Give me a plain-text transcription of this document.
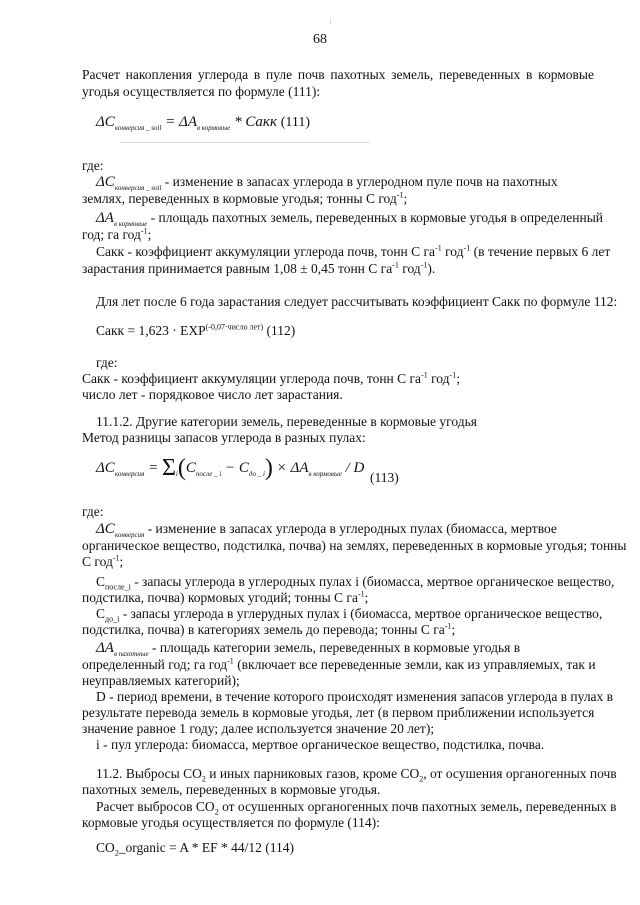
68
Расчет накопления углерода в пуле почв пахотных земель, переведенных в кормовые
угодья осуществляется по формуле (111):
$\Delta C_{конверсия \_ soil} = \Delta A_{в кормовые}$ * Сакк (111)
где:
$\Delta C_{конверсия \_ soil}$ - изменение в запасах углерода в углеродном пуле почв на пахотных
землях, переведенных в кормовые угодья; тонны С год$^{-1}$;
$\Delta A_{в кормовые}$ - площадь пахотных земель, переведенных в кормовые угодья в определенный
год; га год$^{-1}$;
Сакк - коэффициент аккумуляции углерода почв, тонн С $га^{-1}$ год$^{-1}$ (в течение первых 6 лет
зарастания принимается равным 1,08 ± 0,45 тонн С $га^{-1}$ год$^{-1}$).
Для лет после 6 года зарастания следует рассчитывать коэффициент Сакк по формуле 112:
Сакк = $1,623 \cdot EXP^{(-0,07\cdot число лет)}$ (112)
где:
Сакк - коэффициент аккумуляции углерода почв, тонн С $га^{-1}$ год$^{-1}$;
число лет - порядковое число лет зарастания.
11.1.2. Другие категории земель, переведенные в кормовые угодья
Метод разницы запасов углерода в разных пулах:
$\Delta C_{конверсия} = \Sigma_i(C_{после \_ i} - C_{до \_ i}) \times \Delta A_{в кормовые} / D$
(113)
где:
$\Delta C_{конверсия}$ - изменение в запасах углерода в углеродных пулах (биомасса, мертвое
органическое вещество, подстилка, почва) на землях, переведенных в кормовые угодья; тонны
С год$^{-1}$;
$C_{после\_i}$ - запасы углерода в углеродных пулах i (биомасса, мертвое органическое вещество,
подстилка, почва) кормовых угодий; тонны С $га^{-1}$;
$C_{до\_i}$ - запасы углерода в углерудных пулах i (биомасса, мертвое органическое вещество,
подстилка, почва) в категориях земель до перевода; тонны С $га^{-1}$;
$\Delta A_{в пахотные}$ - площадь категории земель, переведенных в кормовые угодья в
определенный год; га год$^{-1}$ (включает все переведенные земли, как из управляемых, так и
неуправляемых категорий);
D - период времени, в течение которого происходят изменения запасов углерода в пулах в
результате перевода земель в кормовые угодья, лет (в первом приближении используется
значение равное 1 году; далее используется значение 20 лет);
i - пул углерода: биомасса, мертвое органическое вещество, подстилка, почва.
11.2. Выбросы $CO_2$ и иных парниковых газов, кроме $CO_2$, от осушения органогенных почв
пахотных земель, переведенных в кормовые угодья.
Расчет выбросов $CO_2$ от осушенных органогенных почв пахотных земель, переведенных в
кормовые угодья осуществляется по формуле (114):
$CO_2\_organic = A$ * EF * 44/12 (114)
